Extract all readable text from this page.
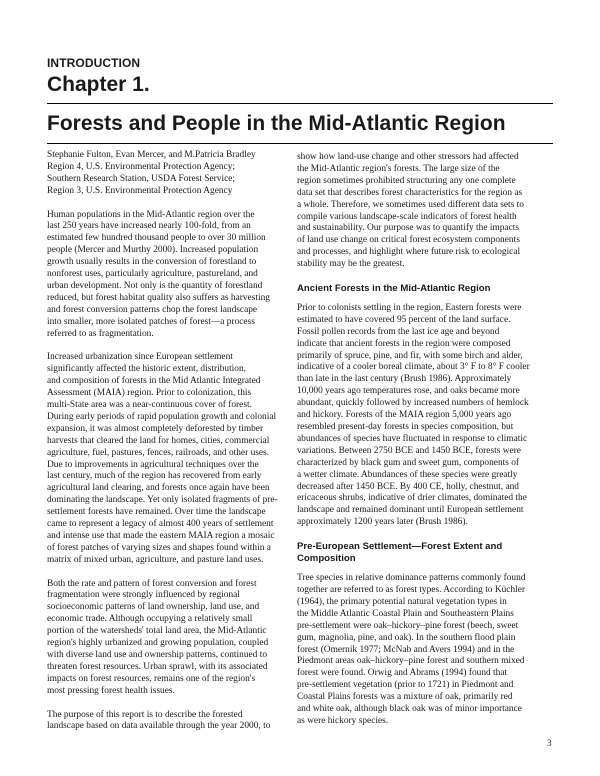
INTRODUCTION
Chapter 1.
Forests and People in the Mid-Atlantic Region
Stephanie Fulton, Evan Mercer, and M.Patricia Bradley
Region 4, U.S. Environmental Protection Agency;
Southern Research Station, USDA Forest Service;
Region 3, U.S. Environmental Protection Agency
Human populations in the Mid-Atlantic region over the
last 250 years have increased nearly 100-fold, from an
estimated few hundred thousand people to over 30 million
people (Mercer and Murthy 2000). Increased population
growth usually results in the conversion of forestland to
nonforest uses, particularly agriculture, pastureland, and
urban development. Not only is the quantity of forestland
reduced, but forest habitat quality also suffers as harvesting
and forest conversion patterns chop the forest landscape
into smaller, more isolated patches of forest—a process
referred to as fragmentation.
Increased urbanization since European settlement
significantly affected the historic extent, distribution,
and composition of forests in the Mid Atlantic Integrated
Assessment (MAIA) region. Prior to colonization, this
multi-State area was a near-continuous cover of forest.
During early periods of rapid population growth and colonial
expansion, it was almost completely deforested by timber
harvests that cleared the land for homes, cities, commercial
agriculture, fuel, pastures, fences, railroads, and other uses.
Due to improvements in agricultural techniques over the
last century, much of the region has recovered from early
agricultural land clearing, and forests once again have been
dominating the landscape. Yet only isolated fragments of pre-
settlement forests have remained. Over time the landscape
came to represent a legacy of almost 400 years of settlement
and intense use that made the eastern MAIA region a mosaic
of forest patches of varying sizes and shapes found within a
matrix of mixed urban, agriculture, and pasture land uses.
Both the rate and pattern of forest conversion and forest
fragmentation were strongly influenced by regional
socioeconomic patterns of land ownership, land use, and
economic trade. Although occupying a relatively small
portion of the watersheds' total land area, the Mid-Atlantic
region's highly urbanized and growing population, coupled
with diverse land use and ownership patterns, continued to
threaten forest resources. Urban sprawl, with its associated
impacts on forest resources, remains one of the region's
most pressing forest health issues.
The purpose of this report is to describe the forested
landscape based on data available through the year 2000, to
show how land-use change and other stressors had affected
the Mid-Atlantic region's forests. The large size of the
region sometimes prohibited structuring any one complete
data set that describes forest characteristics for the region as
a whole. Therefore, we sometimes used different data sets to
compile various landscape-scale indicators of forest health
and sustainability. Our purpose was to quantify the impacts
of land use change on critical forest ecosystem components
and processes, and highlight where future risk to ecological
stability may be the greatest.
Ancient Forests in the Mid-Atlantic Region
Prior to colonists settling in the region, Eastern forests were
estimated to have covered 95 percent of the land surface.
Fossil pollen records from the last ice age and beyond
indicate that ancient forests in the region were composed
primarily of spruce, pine, and fir, with some birch and alder,
indicative of a cooler boreal climate, about 3° F to 8° F cooler
than late in the last century (Brush 1986). Approximately
10,000 years ago temperatures rose, and oaks became more
abundant, quickly followed by increased numbers of hemlock
and hickory. Forests of the MAIA region 5,000 years ago
resembled present-day forests in species composition, but
abundances of species have fluctuated in response to climatic
variations. Between 2750 BCE and 1450 BCE, forests were
characterized by black gum and sweet gum, components of
a wetter climate. Abundances of these species were greatly
decreased after 1450 BCE. By 400 CE, holly, chestnut, and
ericaceous shrubs, indicative of drier climates, dominated the
landscape and remained dominant until European settlement
approximately 1200 years later (Brush 1986).
Pre-European Settlement—Forest Extent and
Composition
Tree species in relative dominance patterns commonly found
together are referred to as forest types. According to Küchler
(1964), the primary potential natural vegetation types in
the Middle Atlantic Coastal Plain and Southeastern Plains
pre-settlement were oak–hickory–pine forest (beech, sweet
gum, magnolia, pine, and oak). In the southern flood plain
forest (Omernik 1977; McNab and Avers 1994) and in the
Piedmont areas oak–hickory–pine forest and southern mixed
forest were found. Orwig and Abrams (1994) found that
pre-settlement vegetation (prior to 1721) in Piedmont and
Coastal Plains forests was a mixture of oak, primarily red
and white oak, although black oak was of minor importance
as were hickory species.
3
